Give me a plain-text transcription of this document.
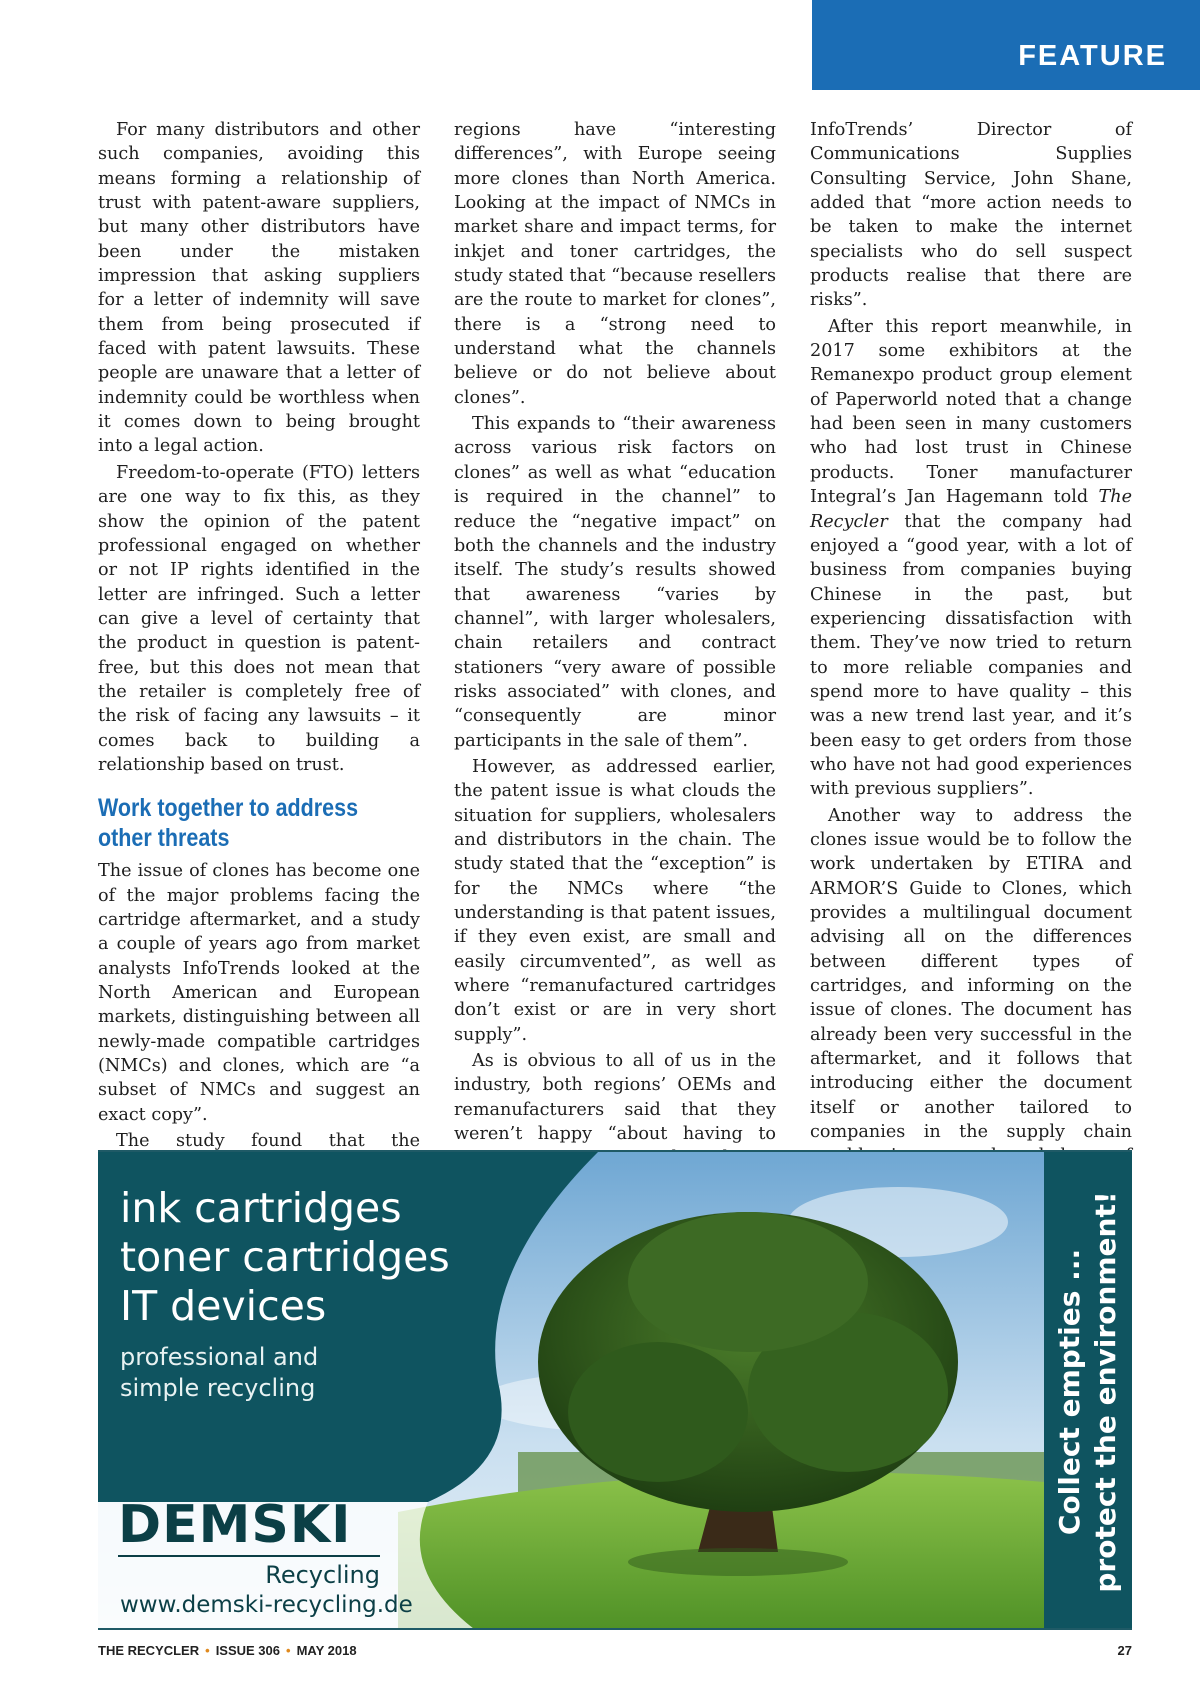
FEATURE

For many distributors and other such companies, avoiding this means forming a relationship of trust with patent-aware suppliers, but many other distributors have been under the mistaken impression that asking suppliers for a letter of indemnity will save them from being prosecuted if faced with patent lawsuits. These people are unaware that a letter of indemnity could be worthless when it comes down to being brought into a legal action.

Freedom-to-operate (FTO) letters are one way to fix this, as they show the opinion of the patent professional engaged on whether or not IP rights identified in the letter are infringed. Such a letter can give a level of certainty that the product in question is patent-free, but this does not mean that the retailer is completely free of the risk of facing any lawsuits – it comes back to building a relationship based on trust.

Work together to address other threats

The issue of clones has become one of the major problems facing the cartridge aftermarket, and a study a couple of years ago from market analysts InfoTrends looked at the North American and European markets, distinguishing between all newly-made compatible cartridges (NMCs) and clones, which are “a subset of NMCs and suggest an exact copy”.

The study found that the

regions have “interesting differences”, with Europe seeing more clones than North America. Looking at the impact of NMCs in market share and impact terms, for inkjet and toner cartridges, the study stated that “because resellers are the route to market for clones”, there is a “strong need to understand what the channels believe or do not believe about clones”.

This expands to “their awareness across various risk factors on clones” as well as what “education is required in the channel” to reduce the “negative impact” on both the channels and the industry itself. The study’s results showed that awareness “varies by channel”, with larger wholesalers, chain retailers and contract stationers “very aware of possible risks associated” with clones, and “consequently are minor participants in the sale of them”.

However, as addressed earlier, the patent issue is what clouds the situation for suppliers, wholesalers and distributors in the chain. The study stated that the “exception” is for the NMCs where “the understanding is that patent issues, if they even exist, are small and easily circumvented”, as well as where “remanufactured cartridges don’t exist or are in very short supply”.

As is obvious to all of us in the industry, both regions’ OEMs and remanufacturers said that they weren’t happy “about having to

InfoTrends’ Director of Communications Supplies Consulting Service, John Shane, added that “more action needs to be taken to make the internet specialists who do sell suspect products realise that there are risks”.

After this report meanwhile, in 2017 some exhibitors at the Remanexpo product group element of Paperworld noted that a change had been seen in many customers who had lost trust in Chinese products. Toner manufacturer Integral’s Jan Hagemann told The Recycler that the company had enjoyed a “good year, with a lot of business from companies buying Chinese in the past, but experiencing dissatisfaction with them. They’ve now tried to return to more reliable companies and spend more to have quality – this was a new trend last year, and it’s been easy to get orders from those who have not had good experiences with previous suppliers”.

Another way to address the clones issue would be to follow the work undertaken by ETIRA and ARMOR’S Guide to Clones, which provides a multilingual document advising all on the differences between different types of cartridges, and informing on the issue of clones. The document has already been very successful in the aftermarket, and it follows that introducing either the document itself or another tailored to companies in the supply chain

ink cartridges
toner cartridges
IT devices
professional and
simple recycling
DEMSKI
Recycling
www.demski-recycling.de
Collect empties ... protect the environment!
THE RECYCLER • ISSUE 306 • MAY 2018	27
